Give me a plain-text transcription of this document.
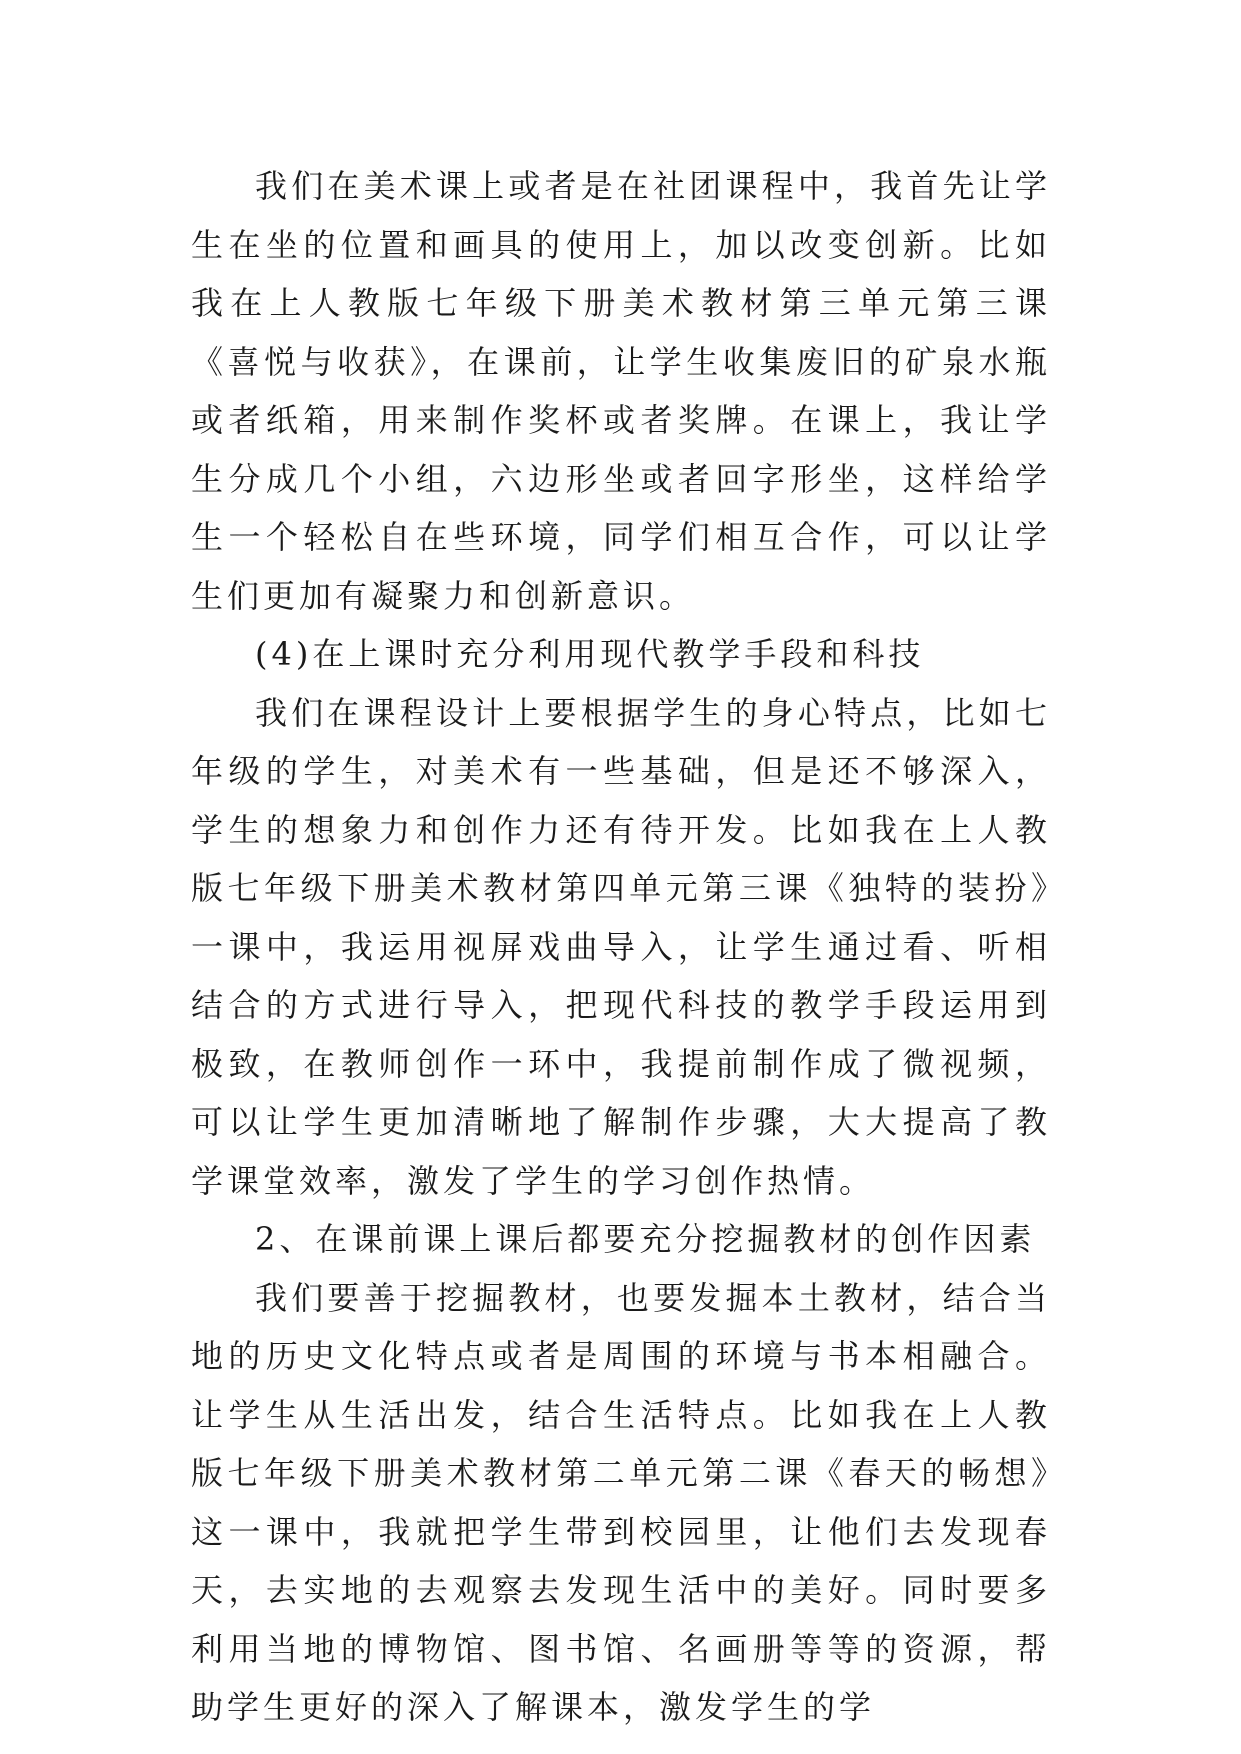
我们在美术课上或者是在社团课程中，我首先让学生在坐的位置和画具的使用上，加以改变创新。比如我在上人教版七年级下册美术教材第三单元第三课《喜悦与收获》，在课前，让学生收集废旧的矿泉水瓶或者纸箱，用来制作奖杯或者奖牌。在课上，我让学生分成几个小组，六边形坐或者回字形坐，这样给学生一个轻松自在些环境，同学们相互合作，可以让学生们更加有凝聚力和创新意识。

(4)在上课时充分利用现代教学手段和科技

我们在课程设计上要根据学生的身心特点，比如七年级的学生，对美术有一些基础，但是还不够深入，学生的想象力和创作力还有待开发。比如我在上人教版七年级下册美术教材第四单元第三课《独特的装扮》一课中，我运用视屏戏曲导入，让学生通过看、听相结合的方式进行导入，把现代科技的教学手段运用到极致，在教师创作一环中，我提前制作成了微视频，可以让学生更加清晰地了解制作步骤，大大提高了教学课堂效率，激发了学生的学习创作热情。

2、在课前课上课后都要充分挖掘教材的创作因素

我们要善于挖掘教材，也要发掘本土教材，结合当地的历史文化特点或者是周围的环境与书本相融合。让学生从生活出发，结合生活特点。比如我在上人教版七年级下册美术教材第二单元第二课《春天的畅想》这一课中，我就把学生带到校园里，让他们去发现春天，去实地的去观察去发现生活中的美好。同时要多利用当地的博物馆、图书馆、名画册等等的资源，帮助学生更好的深入了解课本，激发学生的学
